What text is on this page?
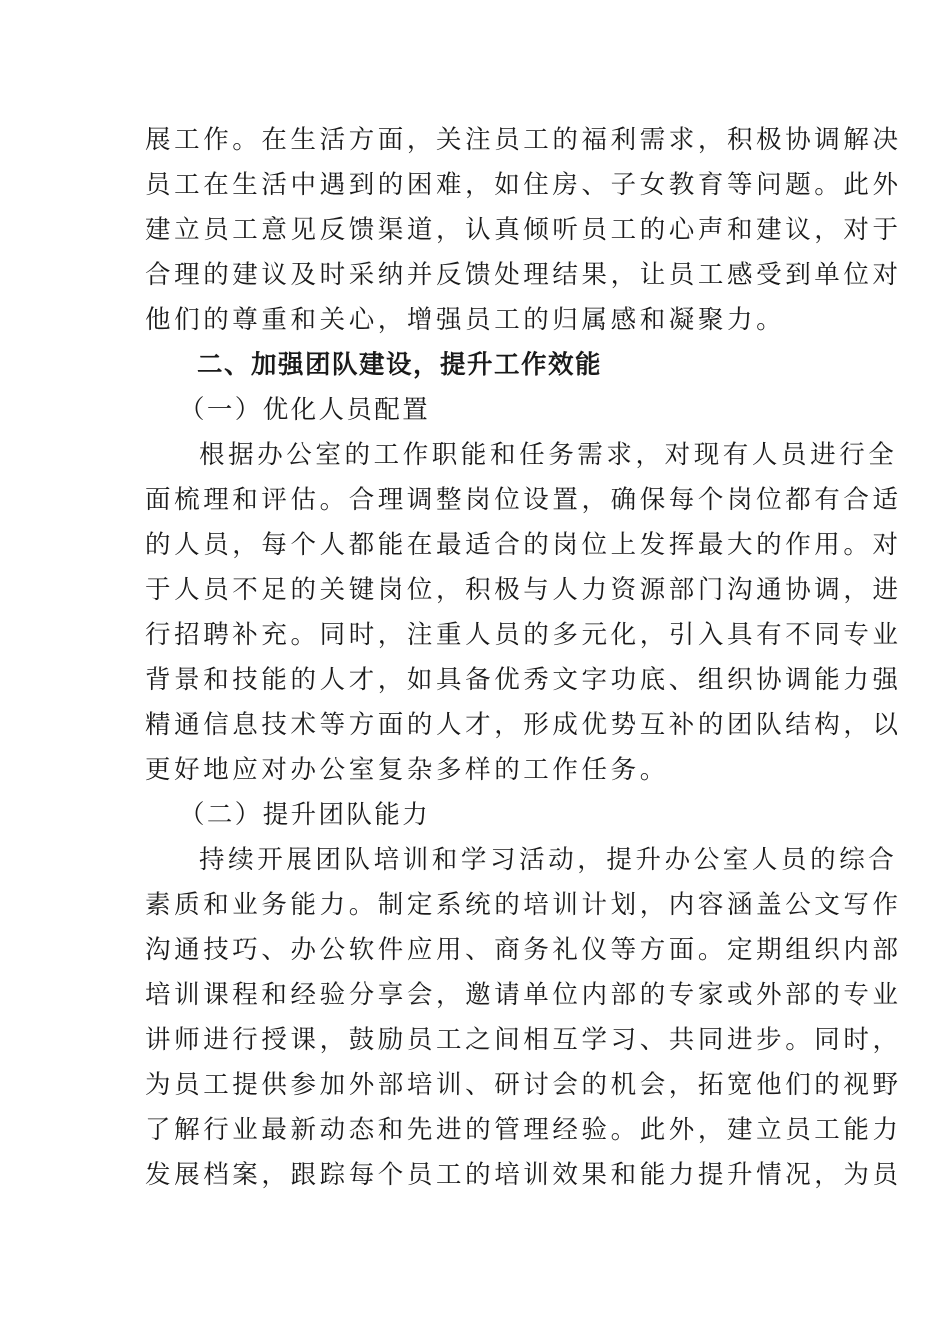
展工作。在生活方面，关注员工的福利需求，积极协调解决
员工在生活中遇到的困难，如住房、子女教育等问题。此外
建立员工意见反馈渠道，认真倾听员工的心声和建议，对于
合理的建议及时采纳并反馈处理结果，让员工感受到单位对
他们的尊重和关心，增强员工的归属感和凝聚力。
二、加强团队建设，提升工作效能
（一）优化人员配置
根据办公室的工作职能和任务需求，对现有人员进行全
面梳理和评估。合理调整岗位设置，确保每个岗位都有合适
的人员，每个人都能在最适合的岗位上发挥最大的作用。对
于人员不足的关键岗位，积极与人力资源部门沟通协调，进
行招聘补充。同时，注重人员的多元化，引入具有不同专业
背景和技能的人才，如具备优秀文字功底、组织协调能力强
精通信息技术等方面的人才，形成优势互补的团队结构，以
更好地应对办公室复杂多样的工作任务。
（二）提升团队能力
持续开展团队培训和学习活动，提升办公室人员的综合
素质和业务能力。制定系统的培训计划，内容涵盖公文写作
沟通技巧、办公软件应用、商务礼仪等方面。定期组织内部
培训课程和经验分享会，邀请单位内部的专家或外部的专业
讲师进行授课，鼓励员工之间相互学习、共同进步。同时，
为员工提供参加外部培训、研讨会的机会，拓宽他们的视野
了解行业最新动态和先进的管理经验。此外，建立员工能力
发展档案，跟踪每个员工的培训效果和能力提升情况，为员
